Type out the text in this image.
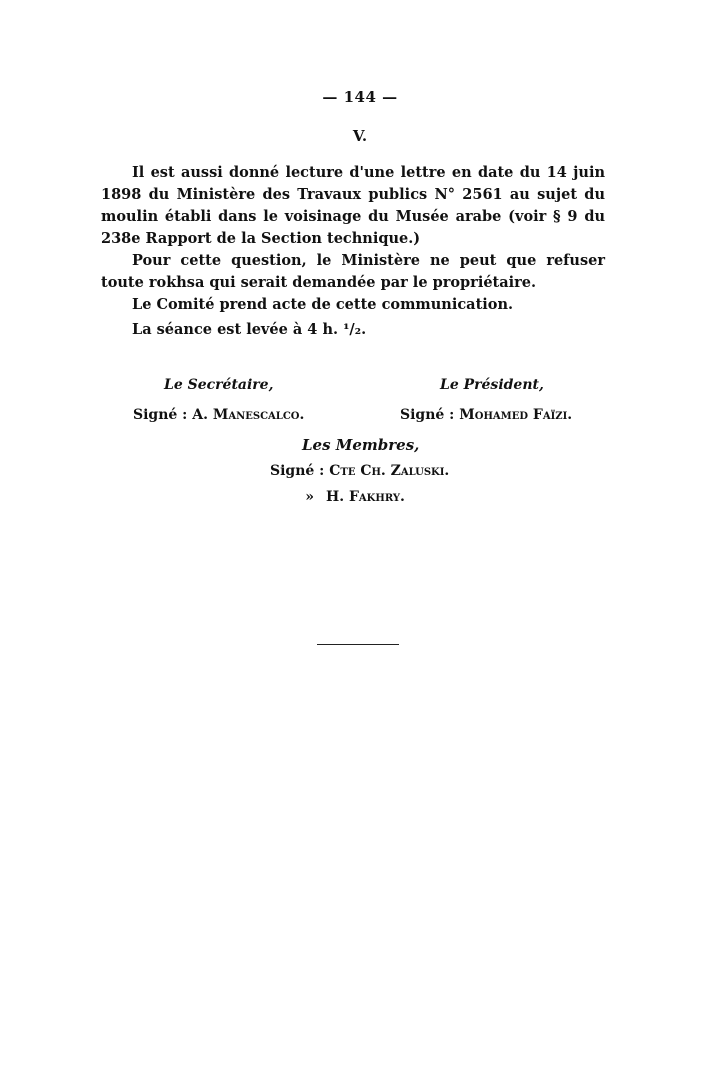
— 144 —
V.

Il est aussi donné lecture d'une lettre en date du 14 juin 1898 du Ministère des Travaux publics N° 2561 au sujet du moulin établi dans le voisinage du Musée arabe (voir § 9 du 238e Rapport de la Section technique.)

Pour cette question, le Ministère ne peut que refuser toute rokhsa qui serait demandée par le propriétaire.

Le Comité prend acte de cette communication.

La séance est levée à 4 h. ¹/₂.

Le Secrétaire,
Signé : A. Manescalco.
Le Président,
Signé : Mohamed Faïzi.
Les Membres,
Signé : Cte Ch. Zaluski.
» H. Fakhry.
